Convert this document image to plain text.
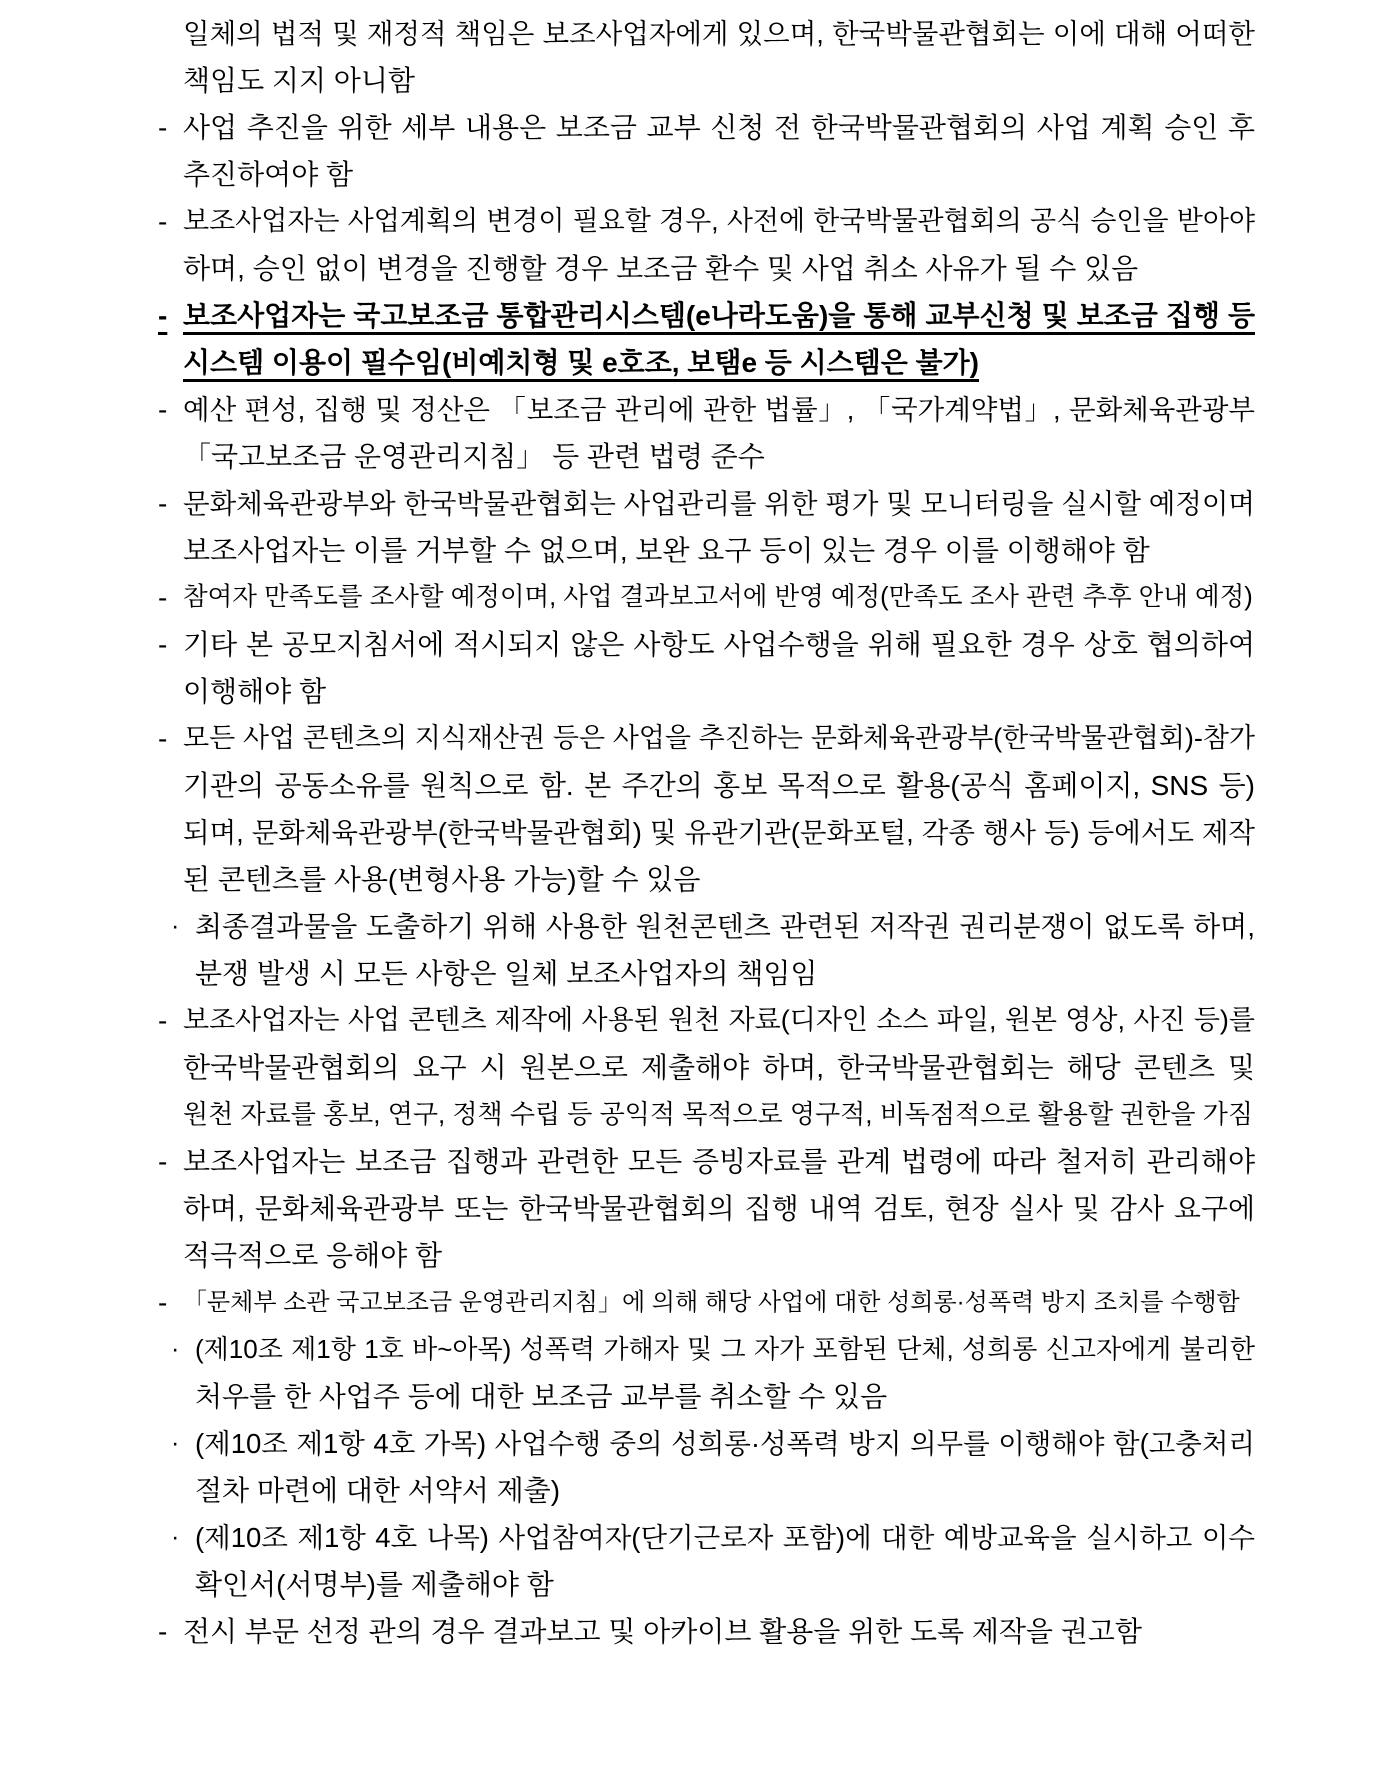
일체의 법적 및 재정적 책임은 보조사업자에게 있으며, 한국박물관협회는 이에 대해 어떠한
책임도 지지 아니함
- 사업 추진을 위한 세부 내용은 보조금 교부 신청 전 한국박물관협회의 사업 계획 승인 후
추진하여야 함
- 보조사업자는 사업계획의 변경이 필요할 경우, 사전에 한국박물관협회의 공식 승인을 받아야
하며, 승인 없이 변경을 진행할 경우 보조금 환수 및 사업 취소 사유가 될 수 있음
- 보조사업자는 국고보조금 통합관리시스템(e나라도움)을 통해 교부신청 및 보조금 집행 등
시스템 이용이 필수임(비예치형 및 e호조, 보탬e 등 시스템은 불가)
- 예산 편성, 집행 및 정산은 「보조금 관리에 관한 법률」, 「국가계약법」, 문화체육관광부
「국고보조금 운영관리지침」 등 관련 법령 준수
- 문화체육관광부와 한국박물관협회는 사업관리를 위한 평가 및 모니터링을 실시할 예정이며
보조사업자는 이를 거부할 수 없으며, 보완 요구 등이 있는 경우 이를 이행해야 함
- 참여자 만족도를 조사할 예정이며, 사업 결과보고서에 반영 예정(만족도 조사 관련 추후 안내 예정)
- 기타 본 공모지침서에 적시되지 않은 사항도 사업수행을 위해 필요한 경우 상호 협의하여
이행해야 함
- 모든 사업 콘텐츠의 지식재산권 등은 사업을 추진하는 문화체육관광부(한국박물관협회)-참가
기관의 공동소유를 원칙으로 함. 본 주간의 홍보 목적으로 활용(공식 홈페이지, SNS 등)
되며, 문화체육관광부(한국박물관협회) 및 유관기관(문화포털, 각종 행사 등) 등에서도 제작
된 콘텐츠를 사용(변형사용 가능)할 수 있음
· 최종결과물을 도출하기 위해 사용한 원천콘텐츠 관련된 저작권 권리분쟁이 없도록 하며,
분쟁 발생 시 모든 사항은 일체 보조사업자의 책임임
- 보조사업자는 사업 콘텐츠 제작에 사용된 원천 자료(디자인 소스 파일, 원본 영상, 사진 등)를
한국박물관협회의 요구 시 원본으로 제출해야 하며, 한국박물관협회는 해당 콘텐츠 및
원천 자료를 홍보, 연구, 정책 수립 등 공익적 목적으로 영구적, 비독점적으로 활용할 권한을 가짐
- 보조사업자는 보조금 집행과 관련한 모든 증빙자료를 관계 법령에 따라 철저히 관리해야
하며, 문화체육관광부 또는 한국박물관협회의 집행 내역 검토, 현장 실사 및 감사 요구에
적극적으로 응해야 함
- 「문체부 소관 국고보조금 운영관리지침」에 의해 해당 사업에 대한 성희롱·성폭력 방지 조치를 수행함
· (제10조 제1항 1호 바~아목) 성폭력 가해자 및 그 자가 포함된 단체, 성희롱 신고자에게 불리한
처우를 한 사업주 등에 대한 보조금 교부를 취소할 수 있음
· (제10조 제1항 4호 가목) 사업수행 중의 성희롱·성폭력 방지 의무를 이행해야 함(고충처리
절차 마련에 대한 서약서 제출)
· (제10조 제1항 4호 나목) 사업참여자(단기근로자 포함)에 대한 예방교육을 실시하고 이수
확인서(서명부)를 제출해야 함
- 전시 부문 선정 관의 경우 결과보고 및 아카이브 활용을 위한 도록 제작을 권고함
